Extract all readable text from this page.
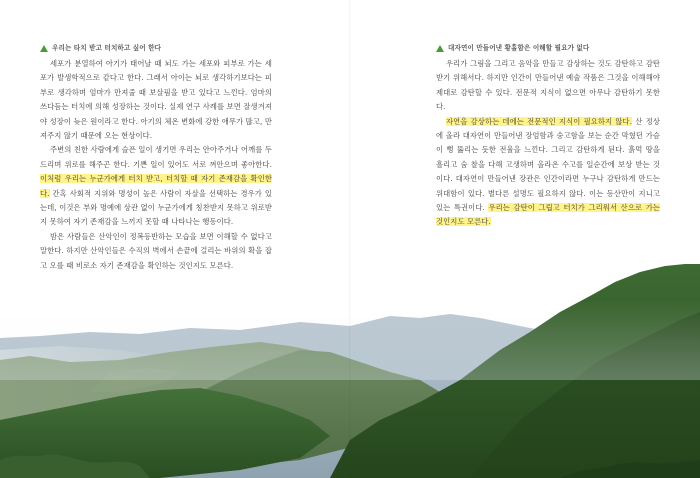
우리는 타치 받고 터치하고 싶어 한다

세포가 분열하여 아기가 태어날 때 뇌도 가는 세포와 피부로 가는 세포가 발생학적으로 같다고 한다. 그래서 아이는 뇌로 생각하기보다는 피부로 생각하며 엄마가 만져줄 때 보살핌을 받고 있다고 느낀다. 엄마의 쓰다듬는 터치에 의해 성장하는 것이다. 실제 연구 사례를 보면 잘생겨져야 성장이 늦은 원이라고 한다. 아기의 체온 변화에 강한 애무가 많고, 만져주지 않기 때문에 오는 현상이다.

주변의 친한 사람에게 슬픈 일이 생기면 우리는 안아주거나 어깨를 두드리며 위로를 해주곤 한다. 기쁜 일이 있어도 서로 껴안으며 좋아한다. 이처럼 우리는 누군가에게 터치 받고, 터치할 때 자기 존재감을 확인한다. 간혹 사회적 지위와 명성이 높은 사람이 자살을 선택하는 경우가 있는데, 이것은 부와 명예에 상관 없이 누군가에게 칭찬받지 못하고 위로받지 못하여 자기 존재감을 느끼지 못할 때 나타나는 행동이다.

밤은 사람들은 산악인이 정복등반하는 모습을 보면 이해할 수 없다고 말한다. 하지만 산악인들은 수직의 벽에서 손끝에 걸리는 바위의 확을 잡고 오를 때 비로소 자기 존재감을 확인하는 것인지도 모른다.

대자연이 만들어낸 황홀함은 이해할 필요가 없다

우리가 그림을 그리고 음악을 만들고 감상하는 것도 감탄하고 감탄 받기 위해서다. 하지만 인간이 만들어낸 예술 작품은 그것을 이해해야 제대로 감탄할 수 있다. 전문적 지식이 없으면 아무나 감탄하기 못한다.

자연을 감상하는 데에는 전문적인 지식이 필요하지 않다. 산 정상에 올라 대자연이 만들어낸 장엄함과 숭고함을 보는 순간 막혔던 가슴이 뻥 뚫리는 듯한 전율을 느낀다. 그리고 감탄하게 된다. 흙먹 땅을 흘리고 숨 찰을 다해 고생하며 올라온 수고를 일순간에 보상 받는 것이다. 대자연이 만들어낸 장관은 인간이라면 누구나 감탄하게 만드는 위대함이 있다. 별다른 설명도 필요하지 않다. 이는 등산만이 지니고 있는 특권이다. 우리는 감탄이 그립고 터치가 그리워서 산으로 가는 것인지도 모른다.
